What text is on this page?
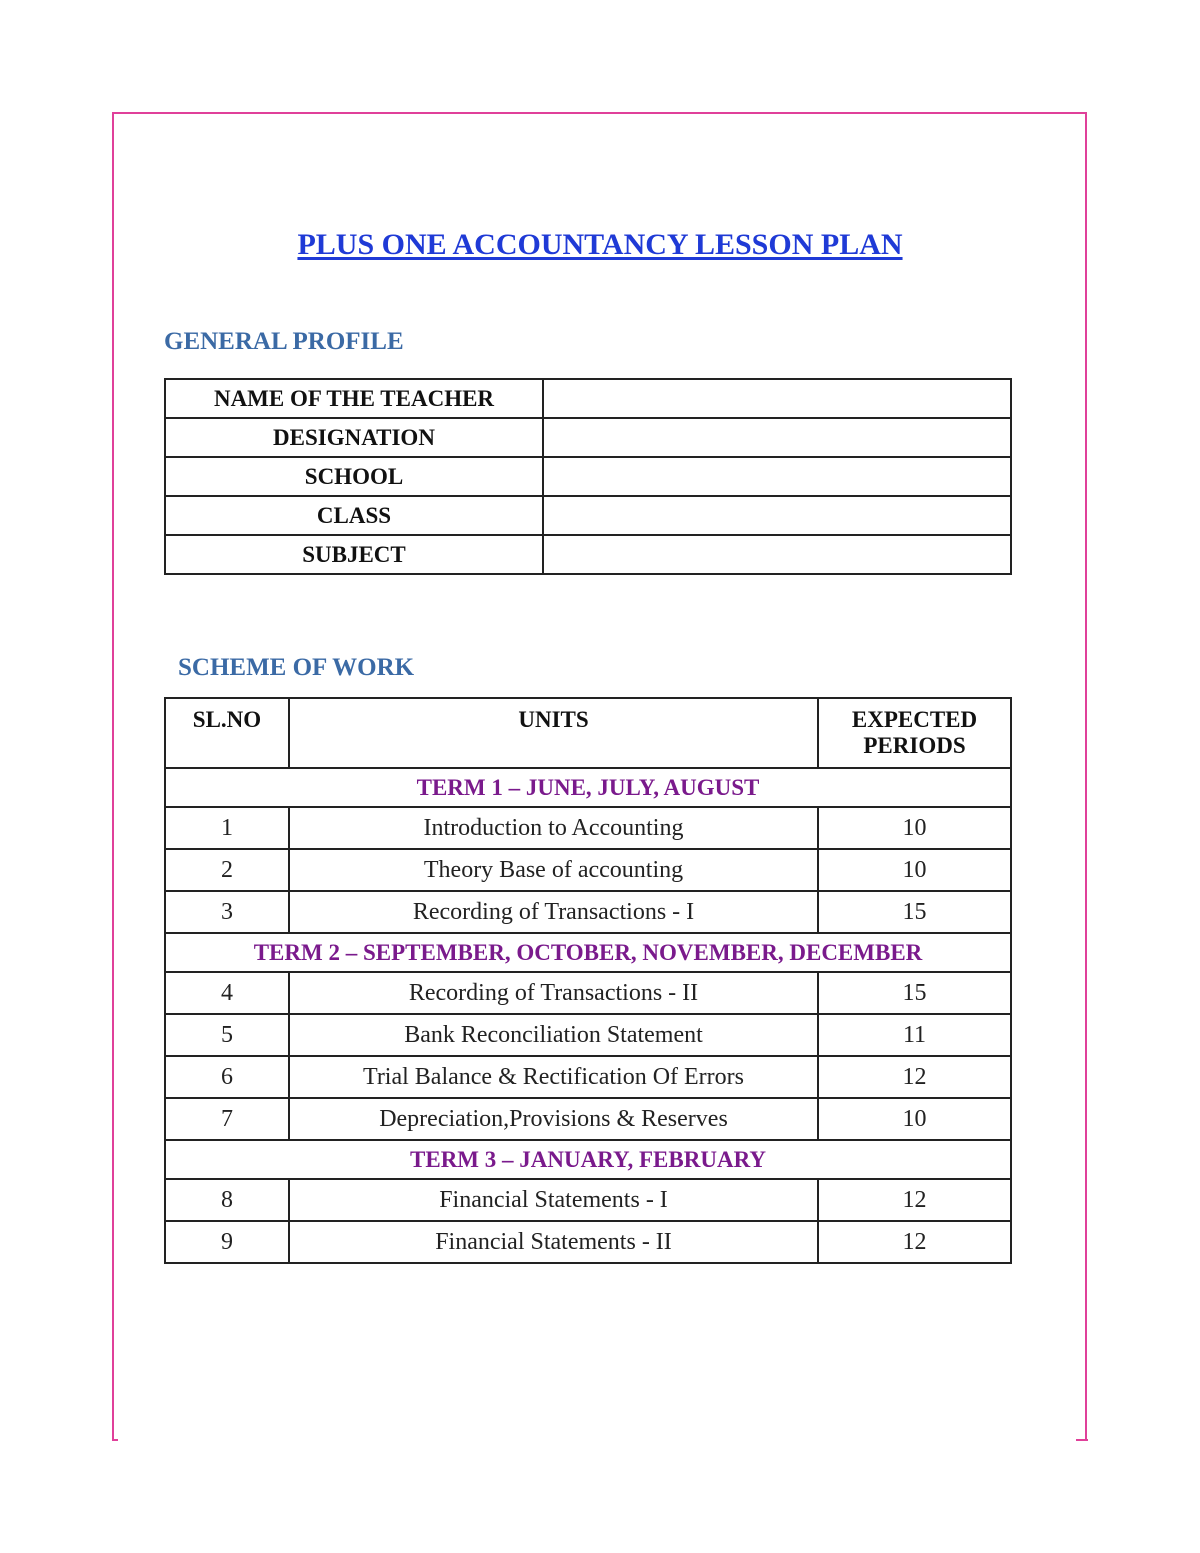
PLUS ONE ACCOUNTANCY LESSON PLAN
GENERAL PROFILE
NAME OF THE TEACHER	
DESIGNATION	
SCHOOL	
CLASS	
SUBJECT	
SCHEME OF WORK
SL.NO	UNITS	EXPECTED PERIODS
TERM 1 – JUNE, JULY, AUGUST		
1	Introduction to Accounting	10
2	Theory Base of accounting	10
3	Recording of Transactions - I	15
TERM 2 – SEPTEMBER, OCTOBER, NOVEMBER, DECEMBER		
4	Recording of Transactions - II	15
5	Bank Reconciliation Statement	11
6	Trial Balance & Rectification Of Errors	12
7	Depreciation,Provisions & Reserves	10
TERM 3 – JANUARY, FEBRUARY		
8	Financial Statements - I	12
9	Financial Statements - II	12
